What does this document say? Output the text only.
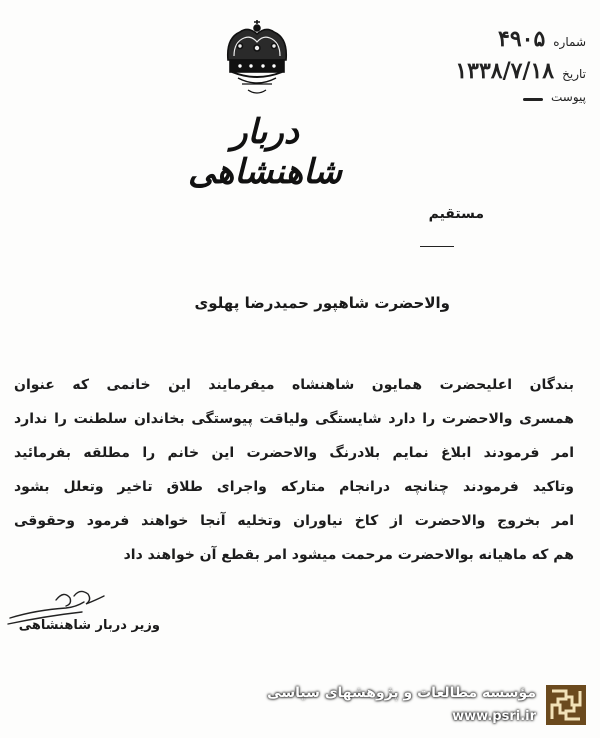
دربار شاهنشاهی
شماره
۴۹۰۵
تاریخ
۱۳۳۸/۷/۱۸
پیوست
مستقیم
والاحضرت شاهپور حمیدرضا پهلوی
بندگان اعلیحضرت همایون شاهنشاه میفرمایند این خانمی که عنوان
همسری والاحضرت را دارد شایستگی ولیاقت پیوستگی بخاندان سلطنت را ندارد
امر فرمودند ابلاغ نمایم بلادرنگ والاحضرت این خانم را مطلقه بفرمائید
وتاکید فرمودند چنانچه درانجام متارکه واجرای طلاق تاخیر وتعلل بشود
امر بخروج والاحضرت از کاخ نیاوران وتخلیه آنجا خواهند فرمود وحقوقی
هم که ماهیانه بوالاحضرت مرحمت میشود امر بقطع آن خواهند داد
وزیر دربار شاهنشاهی
مؤسسه مطالعات و پژوهشهای سیاسی
www.psri.ir
